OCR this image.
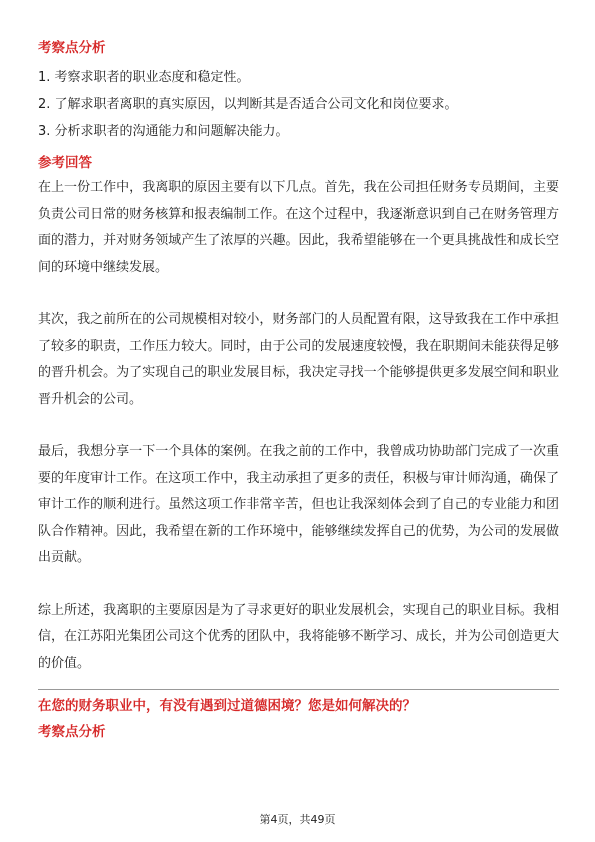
考察点分析
1. 考察求职者的职业态度和稳定性。
2. 了解求职者离职的真实原因，以判断其是否适合公司文化和岗位要求。
3. 分析求职者的沟通能力和问题解决能力。
参考回答

在上一份工作中，我离职的原因主要有以下几点。首先，我在公司担任财务专员期间，主要负责公司日常的财务核算和报表编制工作。在这个过程中，我逐渐意识到自己在财务管理方面的潜力，并对财务领域产生了浓厚的兴趣。因此，我希望能够在一个更具挑战性和成长空间的环境中继续发展。

其次，我之前所在的公司规模相对较小，财务部门的人员配置有限，这导致我在工作中承担了较多的职责，工作压力较大。同时，由于公司的发展速度较慢，我在职期间未能获得足够的晋升机会。为了实现自己的职业发展目标，我决定寻找一个能够提供更多发展空间和职业晋升机会的公司。

最后，我想分享一下一个具体的案例。在我之前的工作中，我曾成功协助部门完成了一次重要的年度审计工作。在这项工作中，我主动承担了更多的责任，积极与审计师沟通，确保了审计工作的顺利进行。虽然这项工作非常辛苦，但也让我深刻体会到了自己的专业能力和团队合作精神。因此，我希望在新的工作环境中，能够继续发挥自己的优势，为公司的发展做出贡献。

综上所述，我离职的主要原因是为了寻求更好的职业发展机会，实现自己的职业目标。我相信，在江苏阳光集团公司这个优秀的团队中，我将能够不断学习、成长，并为公司创造更大的价值。

在您的财务职业中，有没有遇到过道德困境？您是如何解决的？
考察点分析
第4页，共49页
